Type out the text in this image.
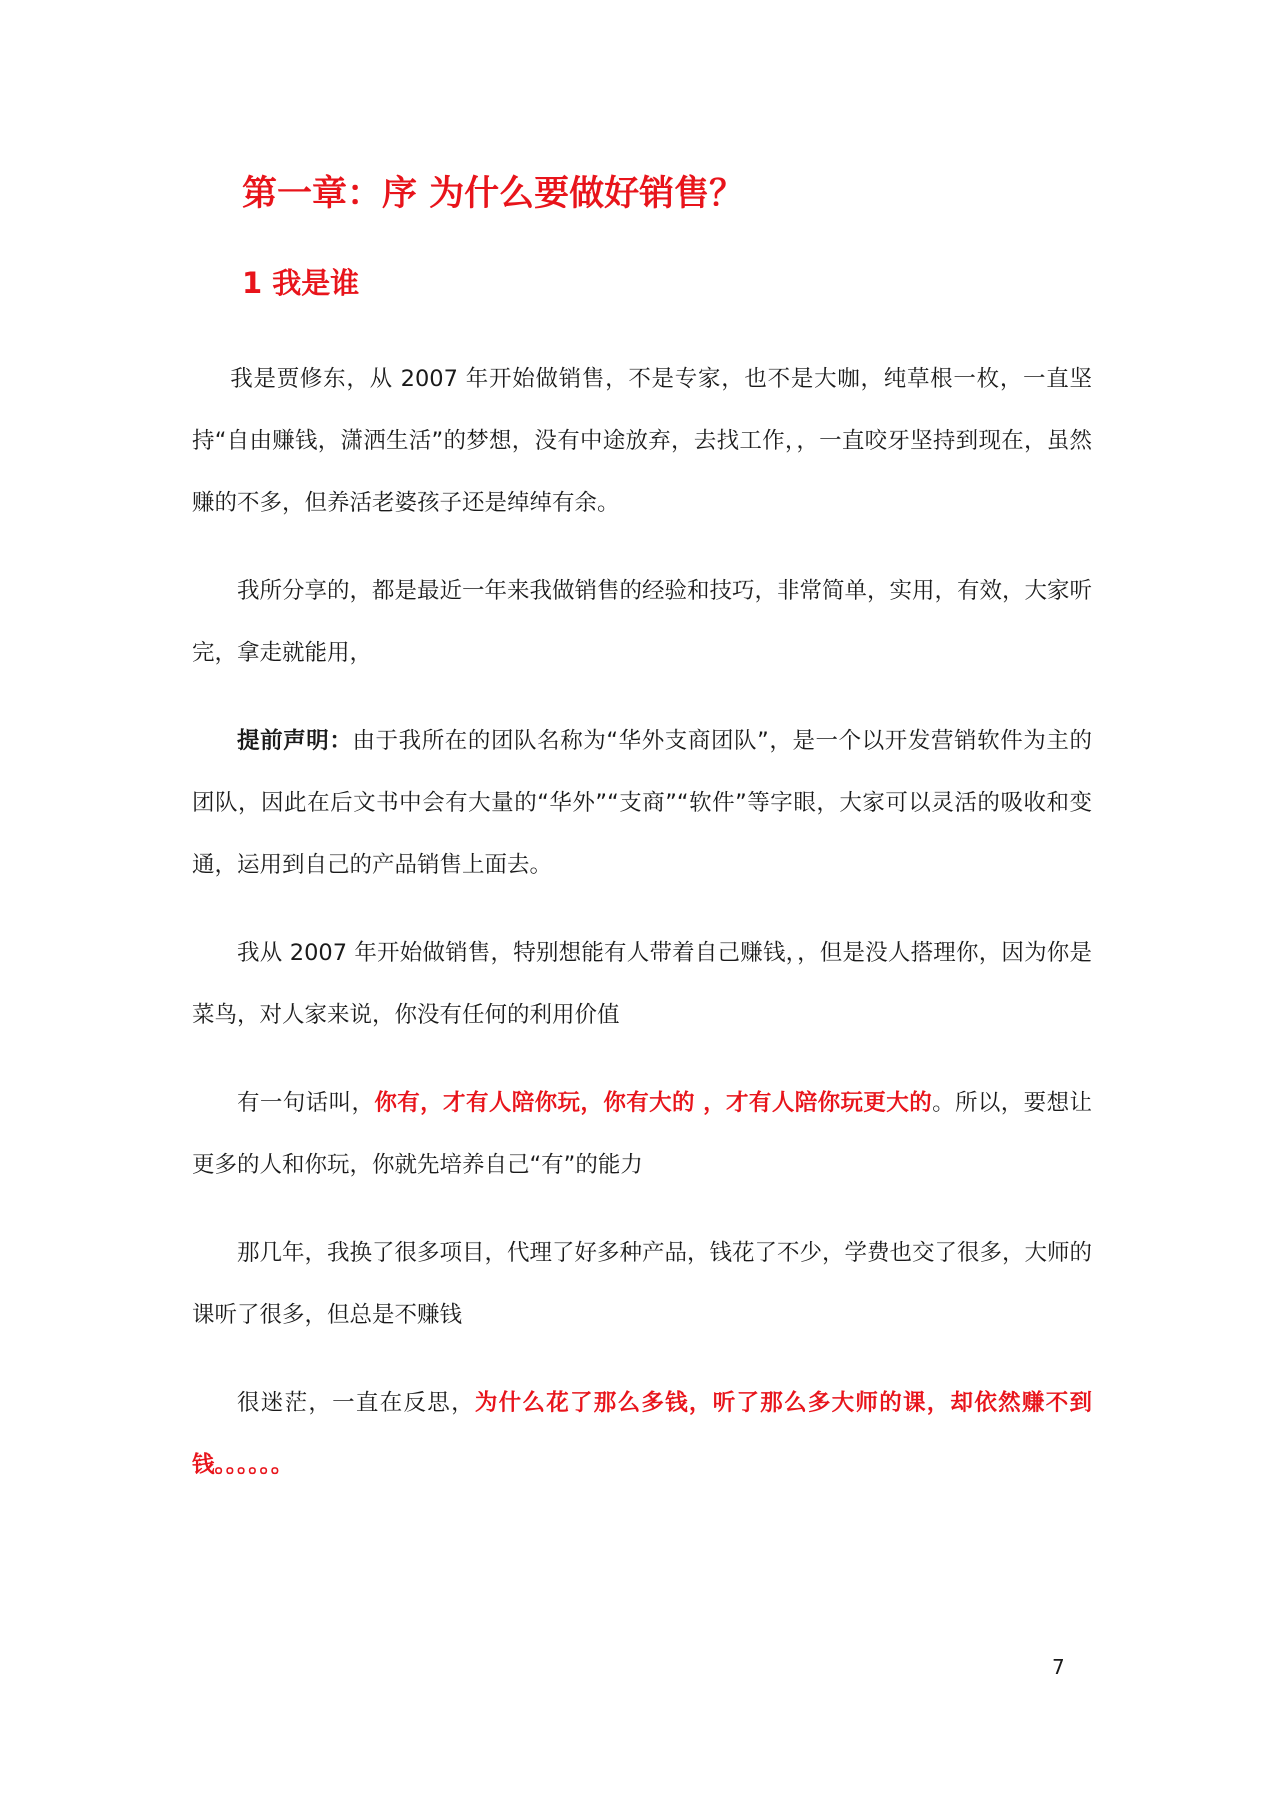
第一章：序 为什么要做好销售？
1 我是谁

我是贾修东，从 2007 年开始做销售，不是专家，也不是大咖，纯草根一枚，一直坚持“自由赚钱，潇洒生活”的梦想，没有中途放弃，去找工作，，一直咬牙坚持到现在，虽然赚的不多，但养活老婆孩子还是绰绰有余。

我所分享的，都是最近一年来我做销售的经验和技巧，非常简单，实用，有效，大家听完，拿走就能用，

提前声明：由于我所在的团队名称为“华外支商团队”，是一个以开发营销软件为主的团队，因此在后文书中会有大量的“华外”“支商”“软件”等字眼，大家可以灵活的吸收和变通，运用到自己的产品销售上面去。

我从 2007 年开始做销售，特别想能有人带着自己赚钱，，但是没人搭理你，因为你是菜鸟，对人家来说，你没有任何的利用价值

有一句话叫，你有，才有人陪你玩，你有大的 ，才有人陪你玩更大的。所以，要想让更多的人和你玩，你就先培养自己“有”的能力

那几年，我换了很多项目，代理了好多种产品，钱花了不少，学费也交了很多，大师的课听了很多，但总是不赚钱

很迷茫，一直在反思，为什么花了那么多钱，听了那么多大师的课，却依然赚不到钱。。。。。。

7
